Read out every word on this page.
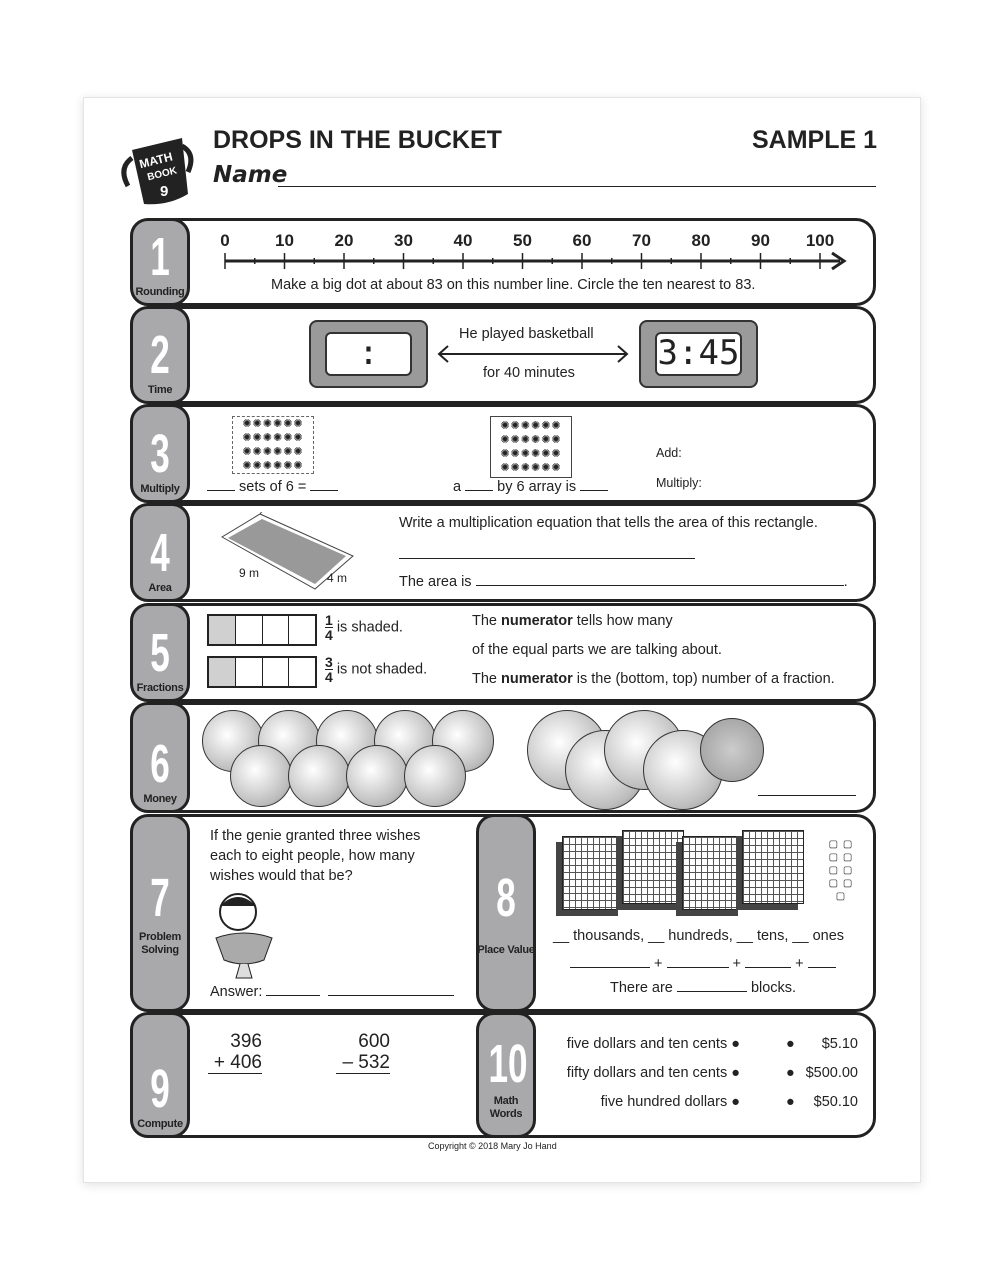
MATH
BOOK
9
DROPS IN THE BUCKET	SAMPLE 1
Name
1
Rounding
0	10	20	30	40	50	60	70	80	90	100
Make a big dot at about 83 on this number line. Circle the ten nearest to 83.
2
Time
:	3:45
He played basketball
for 40 minutes
3
Multiply
✺✺✺✺✺✺
✺✺✺✺✺✺
✺✺✺✺✺✺
✺✺✺✺✺✺
✺✺✺✺✺✺
✺✺✺✺✺✺
✺✺✺✺✺✺
✺✺✺✺✺✺
sets of 6 =	a by 6 array is
Add:
Multiply:
4
Area
9 m	4 m
Write a multiplication equation that tells the area of this rectangle.
The area is	.
5
Fractions
$\frac{1}{4}$ is shaded.
$\frac{3}{4}$ is not shaded.
The numerator tells how many
of the equal parts we are talking about.
The numerator is the (bottom, top) number of a fraction.
6
Money
7
Problem Solving
8
Place Value
If the genie granted three wishes each to eight people, how many wishes would that be?
Answer:
▢ ▢
▢ ▢
▢ ▢
▢ ▢
▢
__ thousands, __ hundreds, __ tens, __ ones
+	+	+
There are	blocks.
9
Compute
10
Math Words
396
+ 406
600
– 532
five dollars and ten cents ●	● $5.10
fifty dollars and ten cents ●	● $500.00
five hundred dollars ●	● $50.10
Copyright © 2018 Mary Jo Hand
